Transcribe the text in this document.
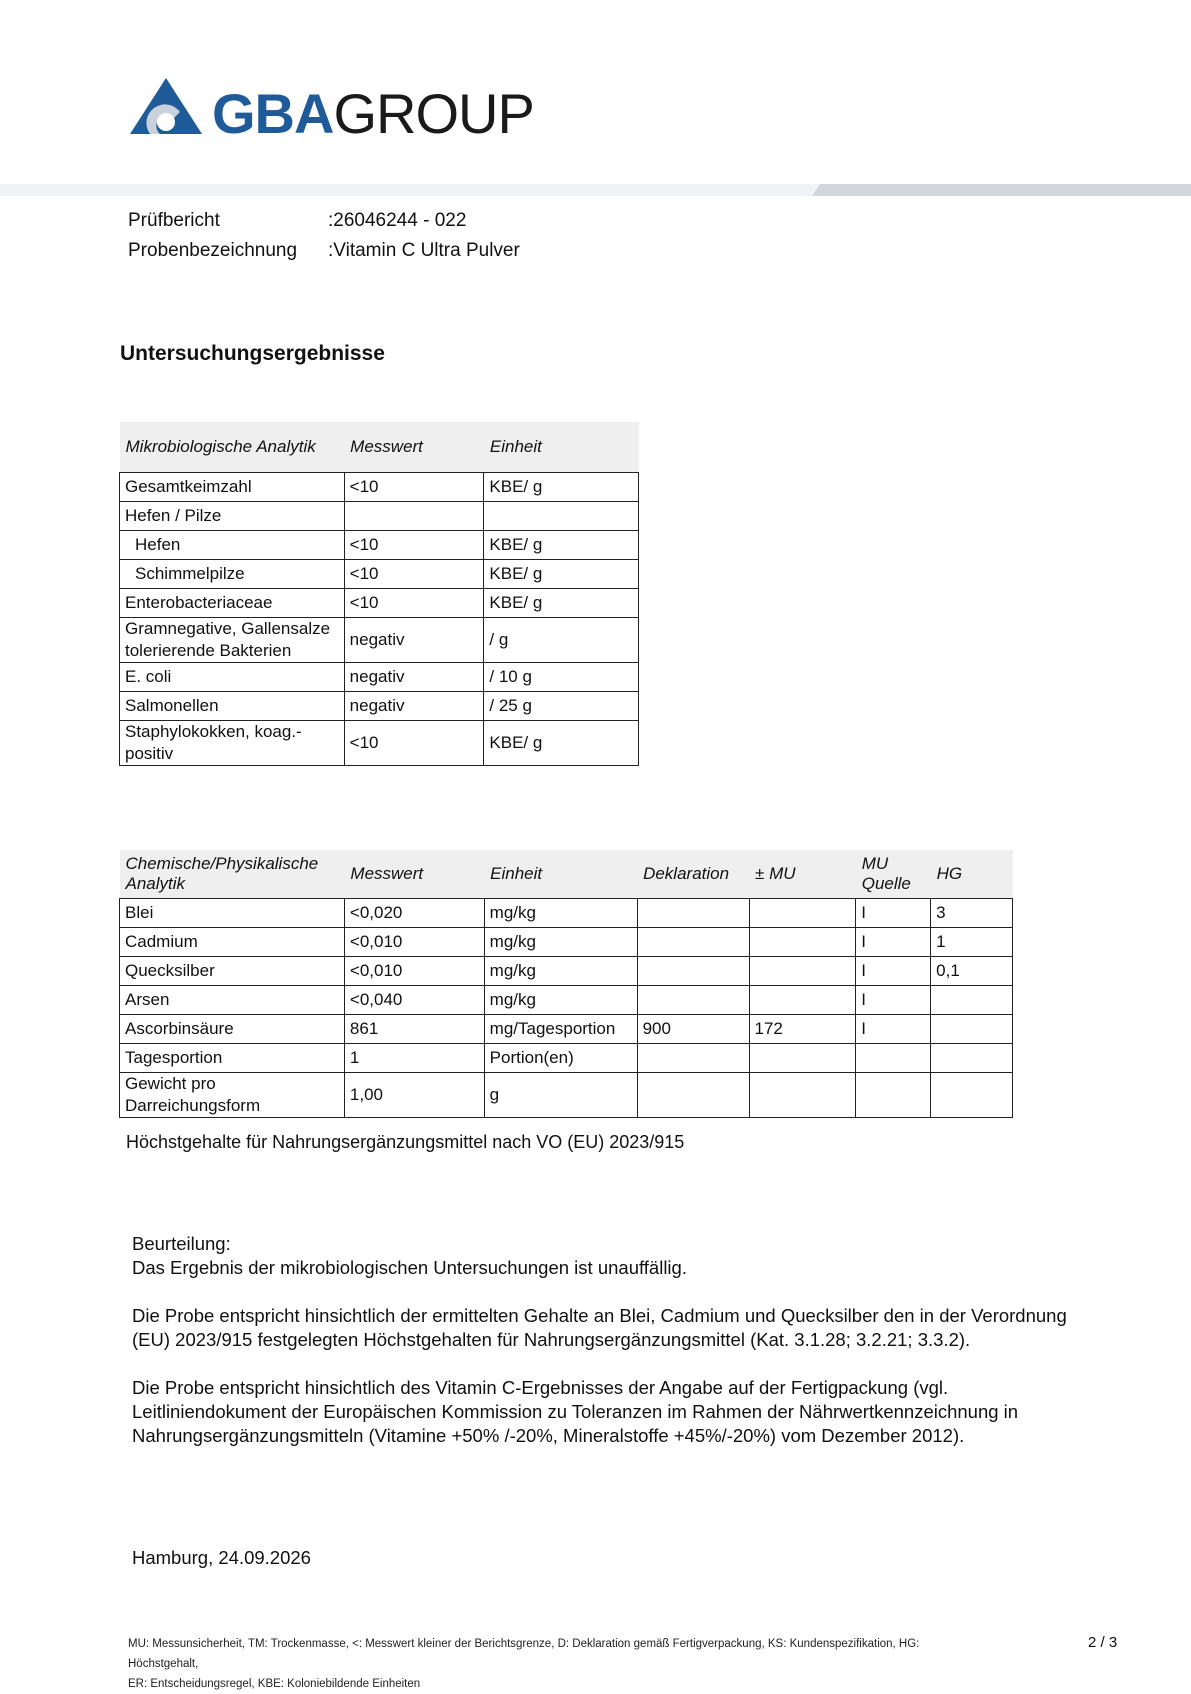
GBAGROUP
Prüfbericht	:26046244 - 022
Probenbezeichnung	:Vitamin C Ultra Pulver
Untersuchungsergebnisse
Mikrobiologische Analytik	Messwert	Einheit
Gesamtkeimzahl	<10	KBE/ g
Hefen / Pilze		
Hefen	<10	KBE/ g
Schimmelpilze	<10	KBE/ g
Enterobacteriaceae	<10	KBE/ g
Gramnegative, Gallensalze tolerierende Bakterien	negativ	/ g
E. coli	negativ	/ 10 g
Salmonellen	negativ	/ 25 g
Staphylokokken, koag.-positiv	<10	KBE/ g
Chemische/Physikalische Analytik	Messwert	Einheit	Deklaration	± MU	MU Quelle	HG
Blei	<0,020	mg/kg			I	3
Cadmium	<0,010	mg/kg			I	1
Quecksilber	<0,010	mg/kg			I	0,1
Arsen	<0,040	mg/kg			I	
Ascorbinsäure	861	mg/Tagesportion	900	172	I	
Tagesportion	1	Portion(en)				
Gewicht pro Darreichungsform	1,00	g				
Höchstgehalte für Nahrungsergänzungsmittel nach VO (EU) 2023/915

Beurteilung:
Das Ergebnis der mikrobiologischen Untersuchungen ist unauffällig.

Die Probe entspricht hinsichtlich der ermittelten Gehalte an Blei, Cadmium und Quecksilber den in der Verordnung (EU) 2023/915 festgelegten Höchstgehalten für Nahrungsergänzungsmittel (Kat. 3.1.28; 3.2.21; 3.3.2).

Die Probe entspricht hinsichtlich des Vitamin C-Ergebnisses der Angabe auf der Fertigpackung (vgl. Leitliniendokument der Europäischen Kommission zu Toleranzen im Rahmen der Nährwertkennzeichnung in Nahrungsergänzungsmitteln (Vitamine +50% /-20%, Mineralstoffe +45%/-20%) vom Dezember 2012).

Hamburg, 24.09.2026
MU: Messunsicherheit, TM: Trockenmasse, <: Messwert kleiner der Berichtsgrenze, D: Deklaration gemäß Fertigverpackung, KS: Kundenspezifikation, HG: Höchstgehalt,
ER: Entscheidungsregel, KBE: Koloniebildende Einheiten
2 / 3
